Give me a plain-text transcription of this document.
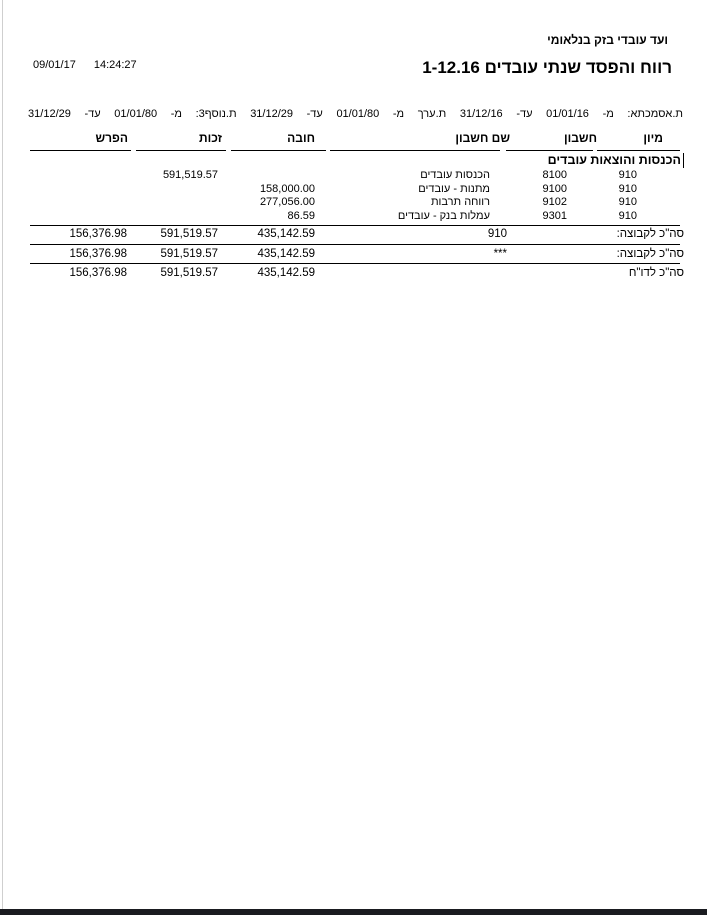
09/01/17 14:24:27
ועד עובדי בזק בנלאומי
רווח והפסד שנתי עובדים 1-12.16
ת.אסמכתא:
מ-
01/01/16
עד-
31/12/16
ת.ערך
מ-
01/01/80
עד-
31/12/29
ת.נוסף3:
מ-
01/01/80
עד-
31/12/29
מיון
חשבון
שם חשבון
חובה
זכות
הפרש
הכנסות והוצאות עובדים
910
8100
הכנסות עובדים
591,519.57
910
9100
מתנות - עובדים
158,000.00
910
9102
רווחה תרבות
277,056.00
910
9301
עמלות בנק - עובדים
86.59
סה"כ לקבוצה:
910
435,142.59
591,519.57
156,376.98
סה"כ לקבוצה:
***
435,142.59
591,519.57
156,376.98
סה"כ לדו"ח
435,142.59
591,519.57
156,376.98
